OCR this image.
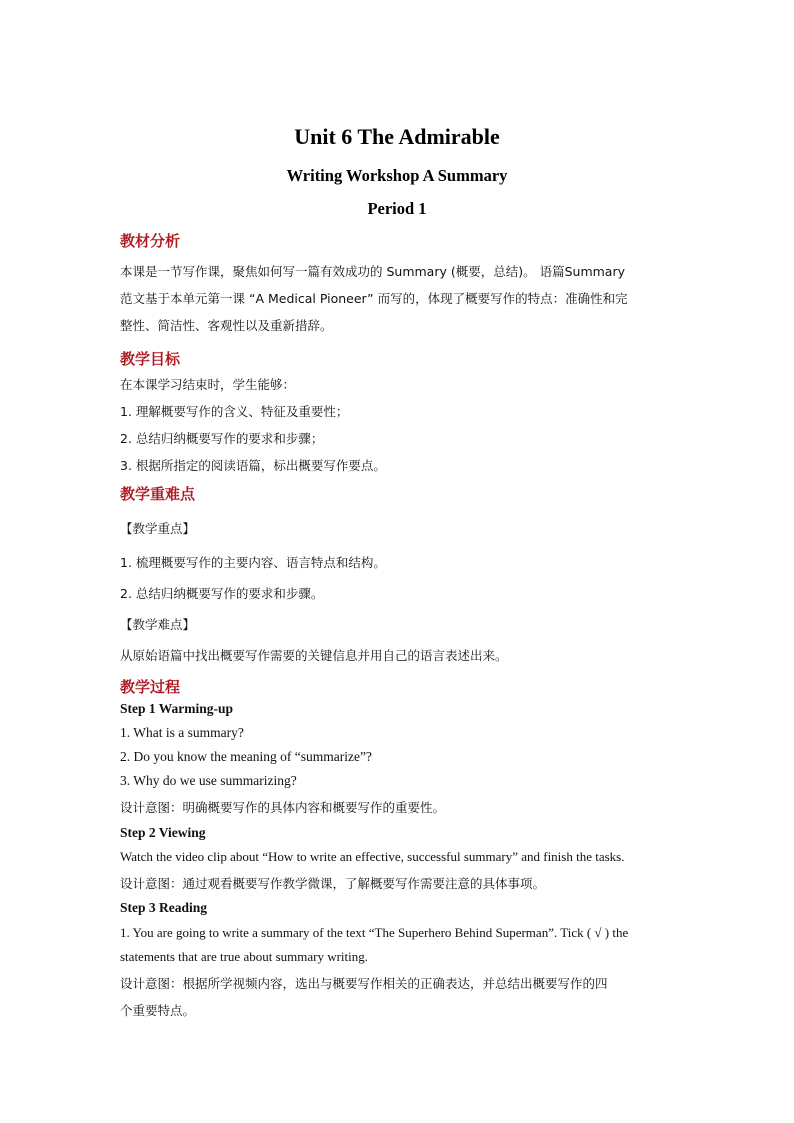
Unit 6 The Admirable
Writing Workshop A Summary
Period 1
教材分析
本课是一节写作课，聚焦如何写一篇有效成功的 Summary (概要，总结)。 语篇Summary
范文基于本单元第一课 “A Medical Pioneer” 而写的，体现了概要写作的特点：准确性和完
整性、简洁性、客观性以及重新措辞。
教学目标
在本课学习结束时，学生能够：
1. 理解概要写作的含义、特征及重要性；
2. 总结归纳概要写作的要求和步骤；
3. 根据所指定的阅读语篇，标出概要写作要点。
教学重难点
【教学重点】
1. 梳理概要写作的主要内容、语言特点和结构。
2. 总结归纳概要写作的要求和步骤。
【教学难点】
从原始语篇中找出概要写作需要的关键信息并用自己的语言表述出来。
教学过程
Step 1 Warming-up
1. What is a summary?
2. Do you know the meaning of “summarize”?
3. Why do we use summarizing?
设计意图：明确概要写作的具体内容和概要写作的重要性。
Step 2 Viewing
Watch the video clip about “How to write an effective, successful summary” and finish the tasks.
设计意图：通过观看概要写作教学微课，了解概要写作需要注意的具体事项。
Step 3 Reading
1. You are going to write a summary of the text “The Superhero Behind Superman”. Tick ( √ ) the
statements that are true about summary writing.
设计意图：根据所学视频内容，选出与概要写作相关的正确表达，并总结出概要写作的四
个重要特点。
